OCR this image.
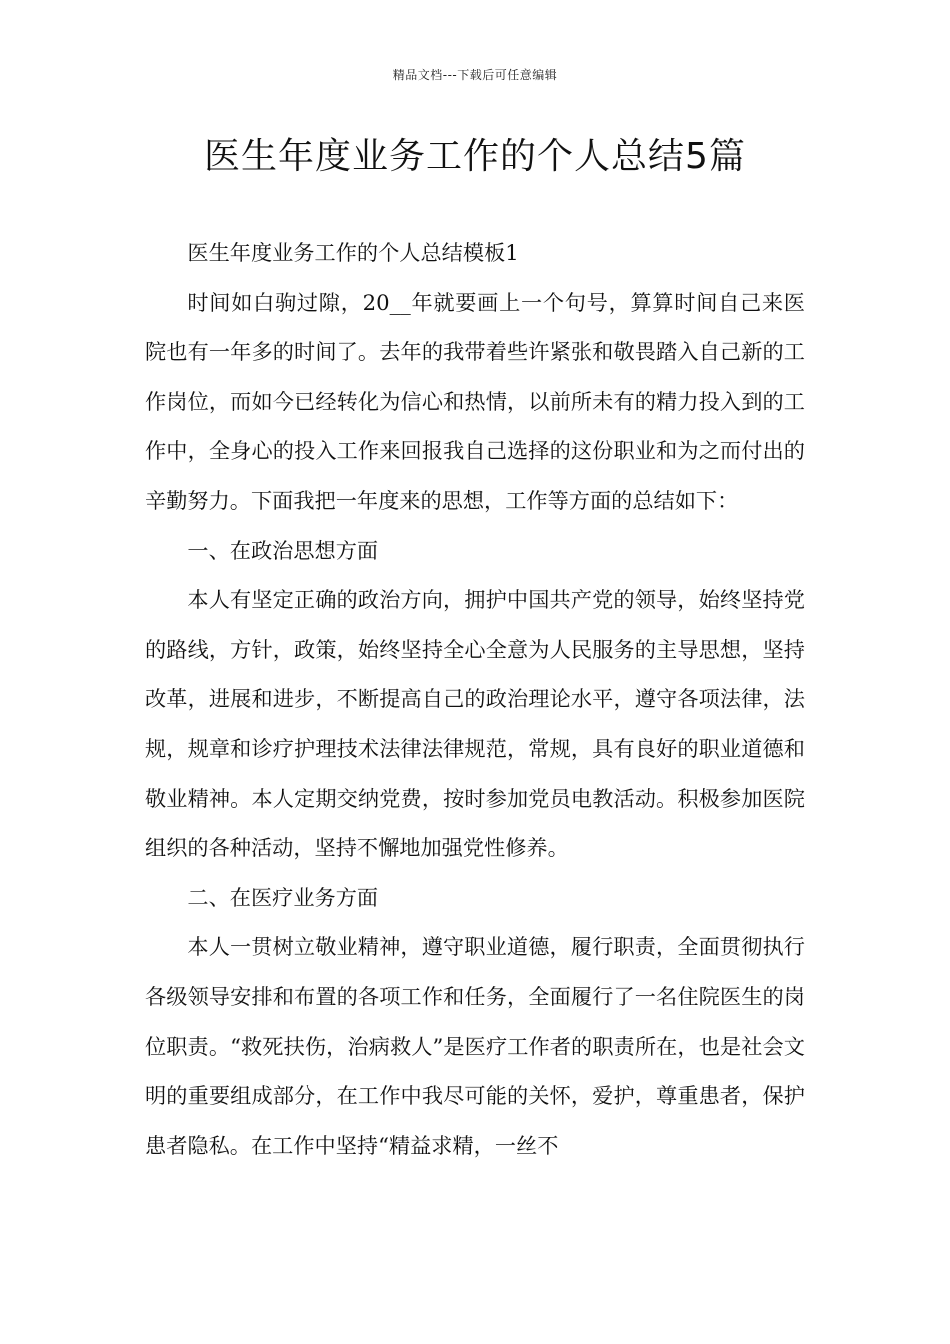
精品文档---下载后可任意编辑
医生年度业务工作的个人总结5篇

医生年度业务工作的个人总结模板1

时间如白驹过隙，20__年就要画上一个句号，算算时间自己来医院也有一年多的时间了。去年的我带着些许紧张和敬畏踏入自己新的工作岗位，而如今已经转化为信心和热情，以前所未有的精力投入到的工作中，全身心的投入工作来回报我自己选择的这份职业和为之而付出的辛勤努力。下面我把一年度来的思想，工作等方面的总结如下：

一、在政治思想方面

本人有坚定正确的政治方向，拥护中国共产党的领导，始终坚持党的路线，方针，政策，始终坚持全心全意为人民服务的主导思想，坚持改革，进展和进步，不断提高自己的政治理论水平，遵守各项法律，法规，规章和诊疗护理技术法律法律规范，常规，具有良好的职业道德和敬业精神。本人定期交纳党费，按时参加党员电教活动。积极参加医院组织的各种活动，坚持不懈地加强党性修养。

二、在医疗业务方面

本人一贯树立敬业精神，遵守职业道德，履行职责，全面贯彻执行各级领导安排和布置的各项工作和任务，全面履行了一名住院医生的岗位职责。“救死扶伤，治病救人”是医疗工作者的职责所在，也是社会文明的重要组成部分，在工作中我尽可能的关怀，爱护，尊重患者，保护患者隐私。在工作中坚持“精益求精，一丝不
